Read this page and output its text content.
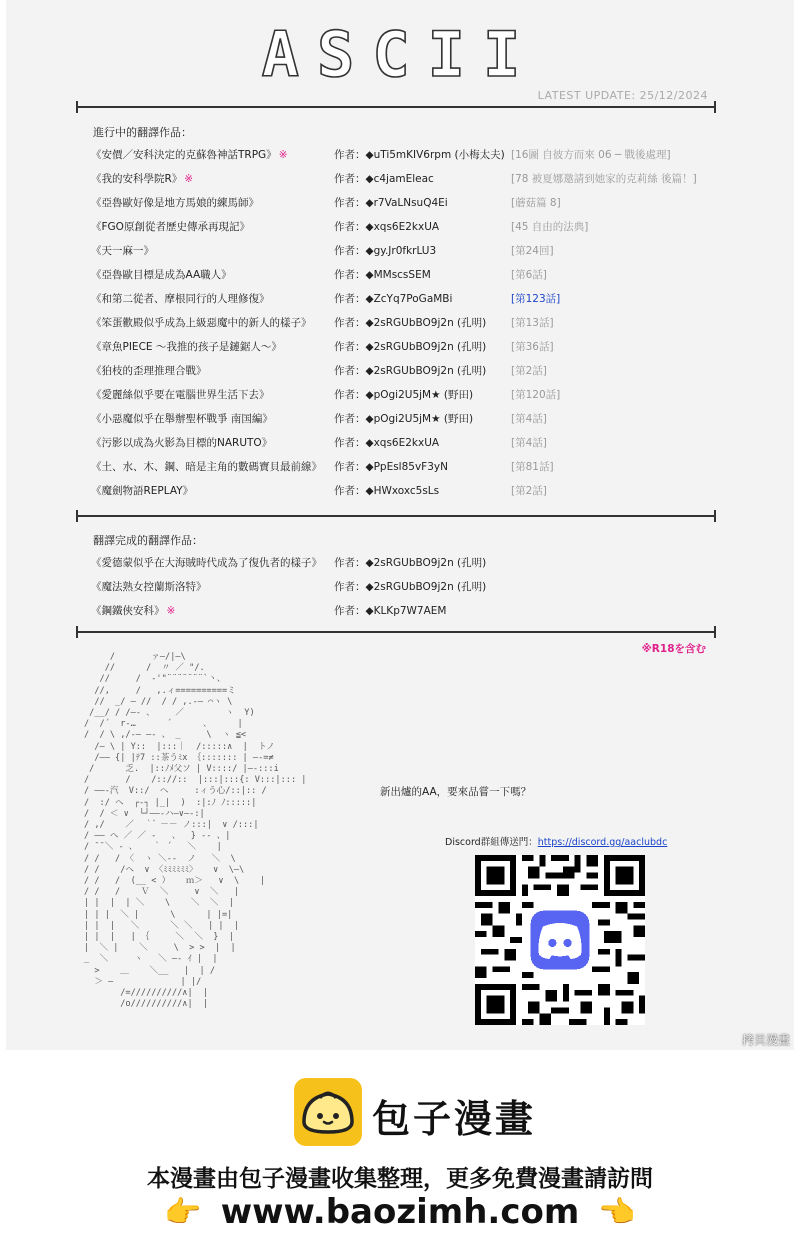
ASCII
LATEST UPDATE: 25/12/2024
進行中的翻譯作品：
《安價／安科決定的克蘇魯神話TRPG》 ※	作者：◆uTi5mKIV6rpm (小梅太夫) [16圖 自彼方而來 06 ─ 戰後處理]
《我的安科學院R》 ※	作者：◆c4jamEleac	[78 被夏娜邀請到她家的克莉絲 後篇！]
《亞魯歐好像是地方馬娘的練馬師》	作者：◆r7VaLNsuQ4Ei	[蘑菇篇 8]
《FGO原創從者歷史傳承再現記》	作者：◆xqs6E2kxUA	[45 自由的法典]
《天一麻一》	作者：◆gy.Jr0fkrLU3	[第24回]
《亞魯歐目標是成為AA職人》	作者：◆MMscsSEM	[第6話]
《和第二從者、摩根同行的人理修復》	作者：◆ZcYq7PoGaMBi	[第123話]
《笨蛋歡殿似乎成為上級惡魔中的新人的樣子》 作者：◆2sRGUbBO9j2n (孔明) [第13話]
《章魚PIECE ～我推的孩子是鏈鋸人～》	作者：◆2sRGUbBO9j2n (孔明) [第36話]
《狛枝的歪理推理合戰》	作者：◆2sRGUbBO9j2n (孔明) [第2話]
《愛麗絲似乎要在電腦世界生活下去》	作者：◆pOgi2U5jM★ (野田)	[第120話]
《小惡魔似乎在舉辦聖杯戰爭 南国編》	作者：◆pOgi2U5jM★ (野田)	[第4話]
《污影以成為火影為目標的NARUTO》	作者：◆xqs6E2kxUA	[第4話]
《土、水、木、鋼、暗是主角的數碼寶貝最前線》 作者：◆PpEsl85vF3yN	[第81話]
《魔劍物語REPLAY》	作者：◆HWxoxc5sLs	[第2話]
翻譯完成的翻譯作品：
《愛德蒙似乎在大海賊時代成為了復仇者的樣子》 作者：◆2sRGUbBO9j2n (孔明)
《魔法熟女控蘭斯洛特》	作者：◆2sRGUbBO9j2n (孔明)
《鋼鐵俠安科》 ※	作者：◆KLKp7W7AEM
※R18を含む
/       ァ―/|―\
//      /  〃 ／ "/.
//     /  -'"¨¨¨¨¨¨¨`丶、
//,     /   ,.ィ==========ミ
//  _/ ― //  / / ,.-― ⌒ヽ \
/__/ / /―- 、    ／        ヽ  Y)
/  /´  r‐…      ´      、     |
/  / \ ,/-― ―- 、 _     \  ヽ ≦<
/― \ | Y::  |:::｜  /:::::∧  |  トノ
/―― {| |ﾃ7 ::茶うﾐx ｛::::::: | ―‐=≠
/      乏.  |::ﾉﾒ父ソ | V::::/ |―‐:::i
/       /    /:://::  |:::|:::{: V:::|::: |
/ ――-汽  V::/  へ     :ィう心/::|:: /
/  :/ ヘ  ┌‐┐ |_|  )  :|:ﾉ ﾉ:::::|
/  / ＜ ∨  └┘――‐ハ―∨―‐:|
/ ,/    ／  ｀ ゙ －－ ノ:::|  ∨ /:::|
/ ―― ヘ ／ ／ ‐   、  } -‐ 、|
/ ̄ ̄ ＼ ‐ 、   ｀ ´   ＼    |
/ /   / 〈  ヽ ＼‐‐  ノ   ＼  \
/ /    /ヘ  ∨ 〈ﾐﾐﾐﾐﾐﾐ〉   ∨  \―\
/ /   /  (__ < ）   ｍ＞   ∨  \    |
/ /   /    Ｖ  ＼     ∨  ＼   |
| |  |  | ＼    \    ＼  ＼  |
| | |  ＼ |      \      | |=|
| |  |   ＼      ＼ ＼   | |  |
| |  |   | ｛     ＼  ＼  }  |
|  ＼ |    ＼     \  > >  |  |
_  ＼     ヽ   ＼ ―‐ ｲ |  |
>    ＿    ＼__   |  | /
＞ ―             | |/
/=//////////∧|  |
/o//////////∧|  |
新出爐的AA，要來品嘗一下嗎？
Discord群組傳送門：https://discord.gg/aaclubdc
拷貝漫畫
包子漫畫
本漫畫由包子漫畫收集整理，更多免費漫畫請訪問
👉 www.baozimh.com 👈
